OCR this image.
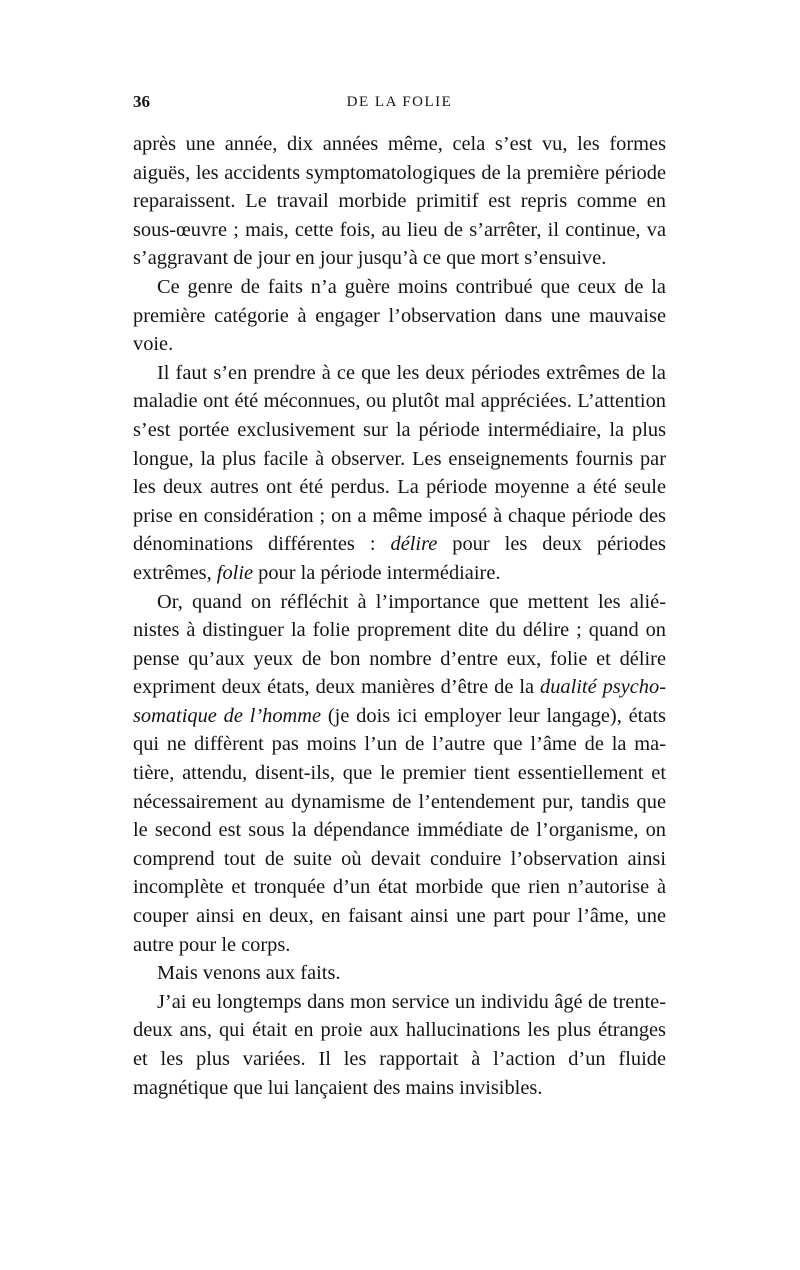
36	DE LA FOLIE

après une année, dix années même, cela s’est vu, les formes aiguës, les accidents symptomatologiques de la première période reparaissent. Le travail morbide primitif est repris comme en sous-œuvre ; mais, cette fois, au lieu de s’arrêter, il continue, va s’aggravant de jour en jour jusqu’à ce que mort s’ensuive.

Ce genre de faits n’a guère moins contribué que ceux de la première catégorie à engager l’observation dans une mauvaise voie.

Il faut s’en prendre à ce que les deux périodes extrêmes de la maladie ont été méconnues, ou plutôt mal appréciées. L’attention s’est portée exclusivement sur la période intermédiaire, la plus longue, la plus facile à observer. Les enseignements fournis par les deux autres ont été perdus. La période moyenne a été seule prise en considération ; on a même imposé à chaque période des dénominations différentes : délire pour les deux périodes extrêmes, folie pour la période intermédiaire.

Or, quand on réfléchit à l’importance que mettent les aliénistes à distinguer la folie proprement dite du délire ; quand on pense qu’aux yeux de bon nombre d’entre eux, folie et délire expriment deux états, deux manières d’être de la dualité psychosomatique de l’homme (je dois ici employer leur langage), états qui ne diffèrent pas moins l’un de l’autre que l’âme de la matière, attendu, disent-ils, que le premier tient essentiellement et nécessairement au dynamisme de l’entendement pur, tandis que le second est sous la dépendance immédiate de l’organisme, on comprend tout de suite où devait conduire l’observation ainsi incomplète et tronquée d’un état morbide que rien n’autorise à couper ainsi en deux, en faisant ainsi une part pour l’âme, une autre pour le corps.

Mais venons aux faits.

J’ai eu longtemps dans mon service un individu âgé de trente-deux ans, qui était en proie aux hallucinations les plus étranges et les plus variées. Il les rapportait à l’action d’un fluide magnétique que lui lançaient des mains invisibles.
